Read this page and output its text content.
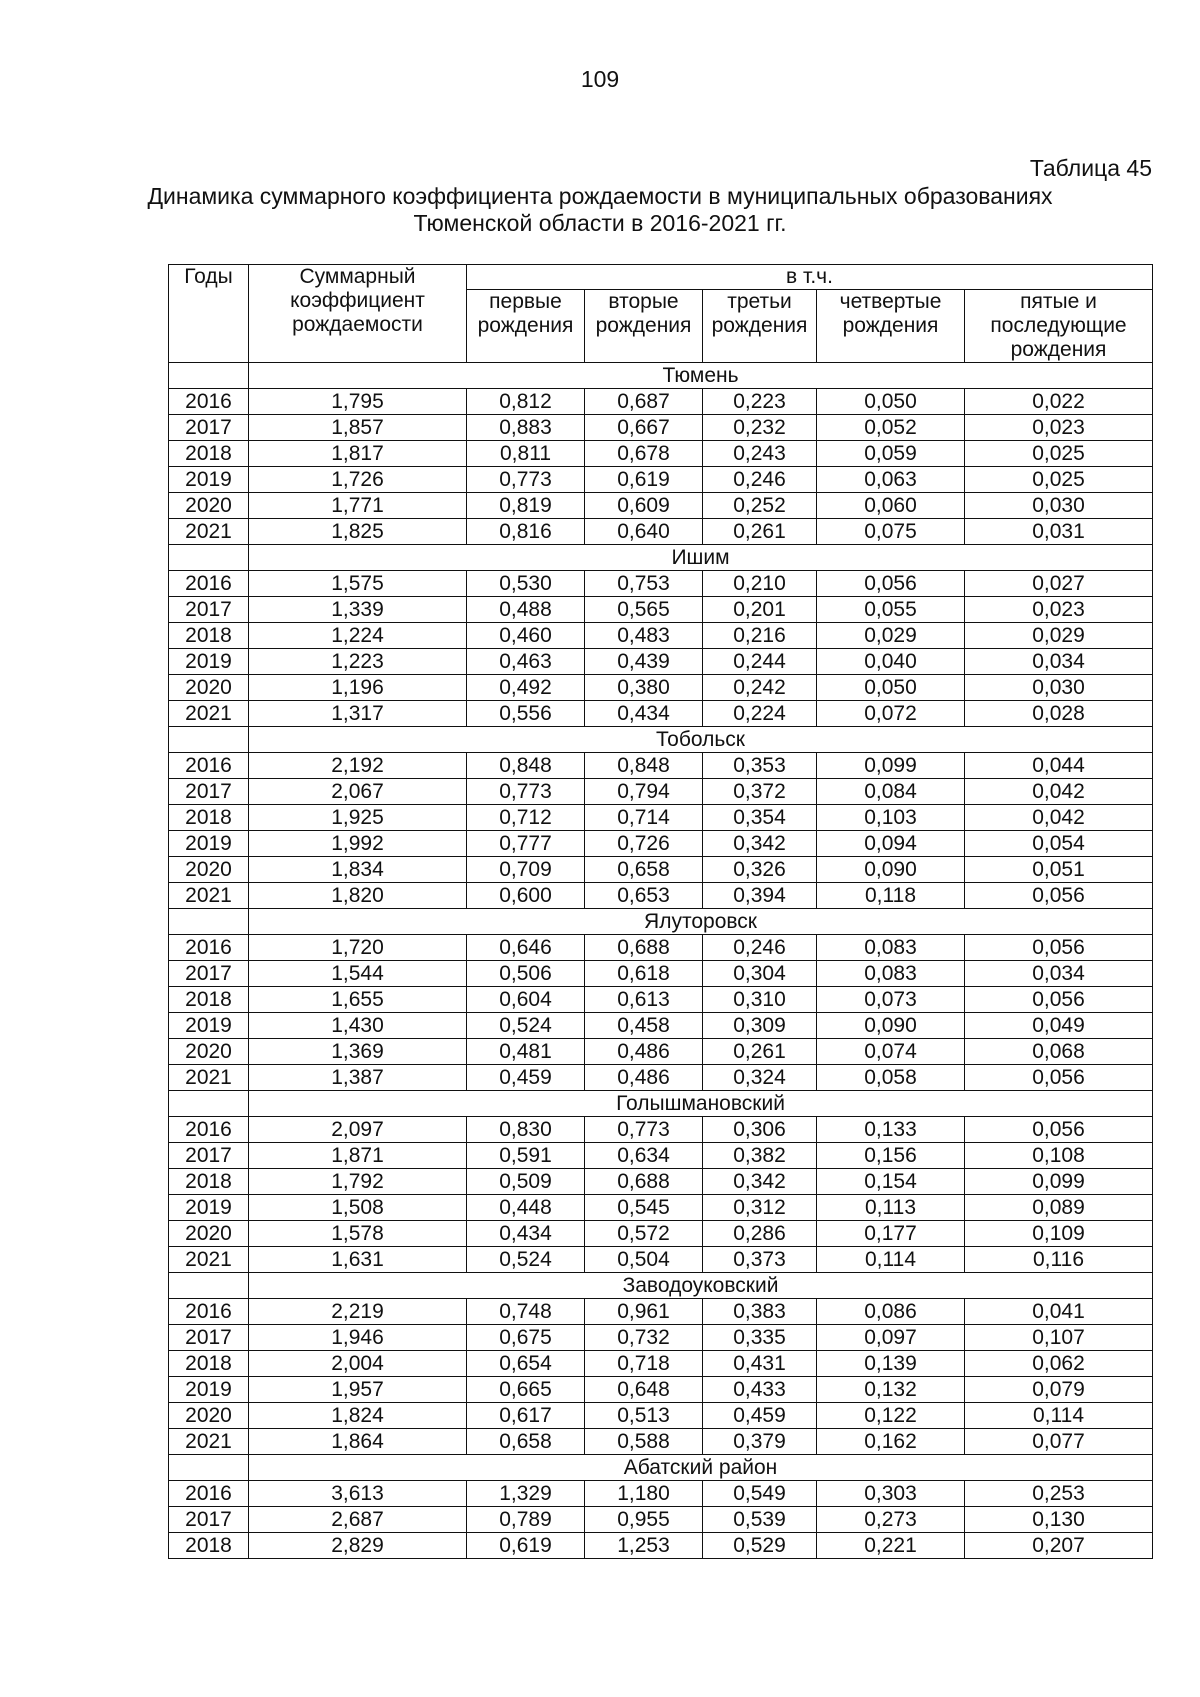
109
Таблица 45
Динамика суммарного коэффициента рождаемости в муниципальных образованиях
Тюменской области в 2016-2021 гг.
Годы	Суммарный коэффициент рождаемости	в т.ч.				
		первые рождения	вторые рождения	третьи рождения	четвертые рождения	пятые и последующие рождения
	Тюмень					
2016	1,795	0,812	0,687	0,223	0,050	0,022
2017	1,857	0,883	0,667	0,232	0,052	0,023
2018	1,817	0,811	0,678	0,243	0,059	0,025
2019	1,726	0,773	0,619	0,246	0,063	0,025
2020	1,771	0,819	0,609	0,252	0,060	0,030
2021	1,825	0,816	0,640	0,261	0,075	0,031
	Ишим					
2016	1,575	0,530	0,753	0,210	0,056	0,027
2017	1,339	0,488	0,565	0,201	0,055	0,023
2018	1,224	0,460	0,483	0,216	0,029	0,029
2019	1,223	0,463	0,439	0,244	0,040	0,034
2020	1,196	0,492	0,380	0,242	0,050	0,030
2021	1,317	0,556	0,434	0,224	0,072	0,028
	Тобольск					
2016	2,192	0,848	0,848	0,353	0,099	0,044
2017	2,067	0,773	0,794	0,372	0,084	0,042
2018	1,925	0,712	0,714	0,354	0,103	0,042
2019	1,992	0,777	0,726	0,342	0,094	0,054
2020	1,834	0,709	0,658	0,326	0,090	0,051
2021	1,820	0,600	0,653	0,394	0,118	0,056
	Ялуторовск					
2016	1,720	0,646	0,688	0,246	0,083	0,056
2017	1,544	0,506	0,618	0,304	0,083	0,034
2018	1,655	0,604	0,613	0,310	0,073	0,056
2019	1,430	0,524	0,458	0,309	0,090	0,049
2020	1,369	0,481	0,486	0,261	0,074	0,068
2021	1,387	0,459	0,486	0,324	0,058	0,056
	Голышмановский					
2016	2,097	0,830	0,773	0,306	0,133	0,056
2017	1,871	0,591	0,634	0,382	0,156	0,108
2018	1,792	0,509	0,688	0,342	0,154	0,099
2019	1,508	0,448	0,545	0,312	0,113	0,089
2020	1,578	0,434	0,572	0,286	0,177	0,109
2021	1,631	0,524	0,504	0,373	0,114	0,116
	Заводоуковский					
2016	2,219	0,748	0,961	0,383	0,086	0,041
2017	1,946	0,675	0,732	0,335	0,097	0,107
2018	2,004	0,654	0,718	0,431	0,139	0,062
2019	1,957	0,665	0,648	0,433	0,132	0,079
2020	1,824	0,617	0,513	0,459	0,122	0,114
2021	1,864	0,658	0,588	0,379	0,162	0,077
	Абатский район					
2016	3,613	1,329	1,180	0,549	0,303	0,253
2017	2,687	0,789	0,955	0,539	0,273	0,130
2018	2,829	0,619	1,253	0,529	0,221	0,207
